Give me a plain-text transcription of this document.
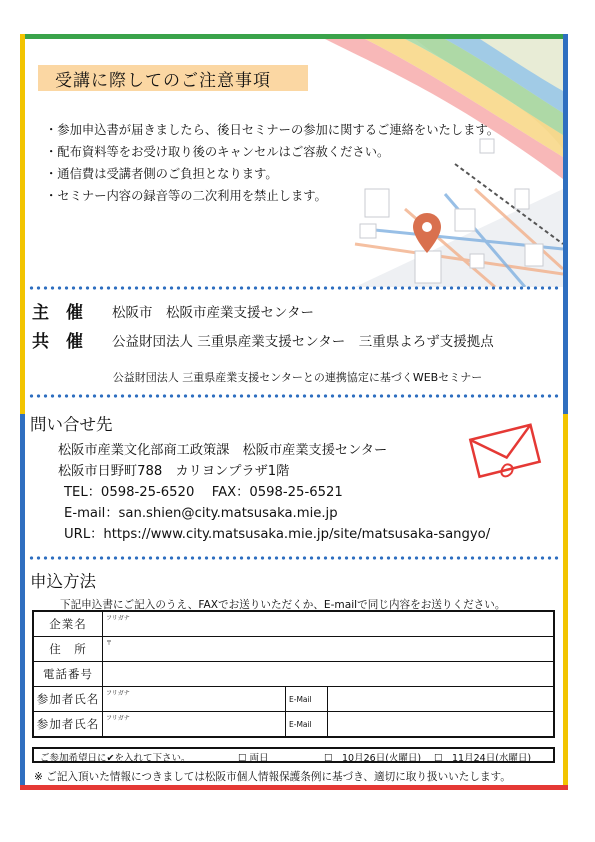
受講に際してのご注意事項
・参加申込書が届きましたら、後日セミナーの参加に関するご連絡をいたします。
・配布資料等をお受け取り後のキャンセルはご容赦ください。
・通信費は受講者側のご負担となります。
・セミナー内容の録音等の二次利用を禁止します。
主　催 松阪市　松阪市産業支援センター
共　催 公益財団法人 三重県産業支援センター　三重県よろず支援拠点
公益財団法人 三重県産業支援センターとの連携協定に基づくWEBセミナー
問い合せ先
松阪市産業文化部商工政策課　松阪市産業支援センター
松阪市日野町788　カリヨンプラザ1階
TEL：0598-25-6520　 FAX：0598-25-6521
E-mail：san.shien@city.matsusaka.mie.jp
URL：https://www.city.matsusaka.mie.jp/site/matsusaka-sangyo/
申込方法
下記申込書にご記入のうえ、FAXでお送りいただくか、E-mailで同じ内容をお送りください。
企業名	フリガナ		

住　所	〒		

電話番号			
参加者氏名	フリガナ	E-Mail	
参加者氏名	フリガナ	E-Mail	
ご参加希望日に✔を入れて下さい。	☐ 両日	☐　10月26日(火曜日) ☐　11月24日(水曜日)
※ ご記入頂いた情報につきましては松阪市個人情報保護条例に基づき、適切に取り扱いいたします。
